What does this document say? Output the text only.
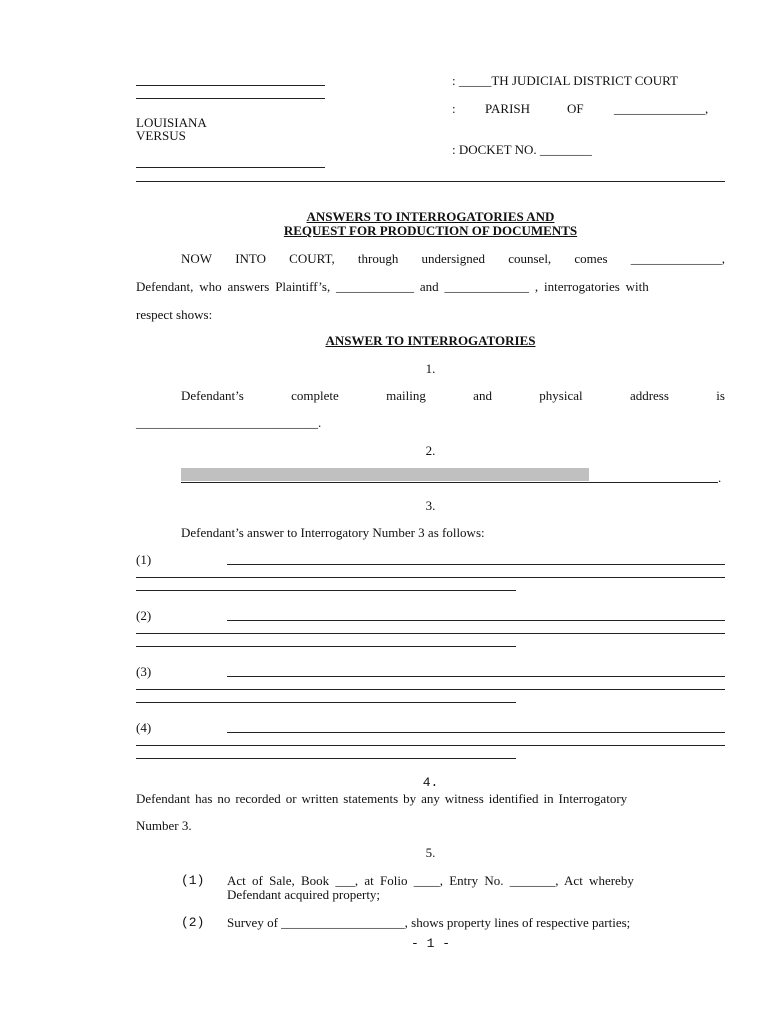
: _____TH JUDICIAL DISTRICT COURT
: PARISH	OF ______________,
LOUISIANA
VERSUS
: DOCKET NO. ________
ANSWERS TO INTERROGATORIES AND
REQUEST FOR PRODUCTION OF DOCUMENTS
NOW INTO COURT, through undersigned counsel, comes ______________,
Defendant, who answers Plaintiff’s, ____________ and _____________ , interrogatories with
respect shows:
ANSWER TO INTERROGATORIES
1.
Defendant’s	complete	mailing	and	physical	address	is
____________________________.
2.
.
3.
Defendant’s answer to Interrogatory Number 3 as follows:
(1)
(2)
(3)
(4)
4.
Defendant has no recorded or written statements by any witness identified in Interrogatory
Number 3.
5.
(1) Act of Sale, Book ___, at Folio ____, Entry No. _______, Act whereby
Defendant acquired property;
(2) Survey of ___________________, shows property lines of respective parties;
- 1 -
